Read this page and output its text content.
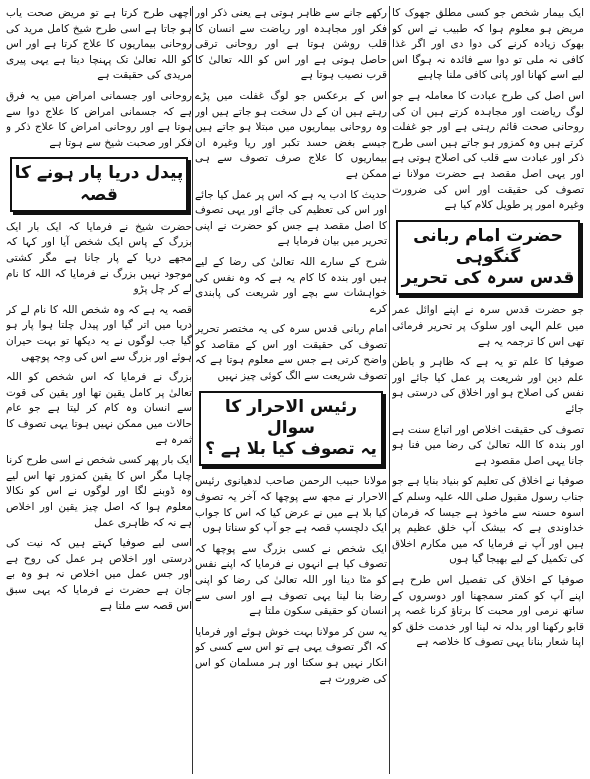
ایک بیمار شخص جو کسی مطلق جھوک کا مریض ہو معلوم ہوا کہ طبیب نے اس کو بھوک زیادہ کرنے کی دوا دی اور اگر غذا کافی نہ ملی تو دوا سے فائدہ نہ ہوگا اس لیے اسے کھانا اور پانی کافی ملنا چاہیے

اس اصل کی طرح عبادت کا معاملہ ہے جو لوگ ریاضت اور مجاہدہ کرتے ہیں ان کی روحانی صحت قائم رہتی ہے اور جو غفلت کرتے ہیں وہ کمزور ہو جاتے ہیں اسی طرح ذکر اور عبادت سے قلب کی اصلاح ہوتی ہے اور یہی اصل مقصد ہے حضرت مولانا نے تصوف کی حقیقت اور اس کی ضرورت وغیرہ امور پر طویل کلام کیا ہے

حضرت امام ربانی گنگوہی
قدس سرہ کی تحریر

جو حضرت قدس سرہ نے اپنے اوائل عمر میں علم الہی اور سلوک پر تحریر فرمائی تھی اس کا ترجمہ یہ ہے

صوفیا کا علم تو یہ ہے کہ ظاہر و باطن علم دین اور شریعت پر عمل کیا جائے اور نفس کی اصلاح ہو اور اخلاق کی درستی ہو جائے

تصوف کی حقیقت اخلاص اور اتباع سنت ہے اور بندہ کا اللہ تعالیٰ کی رضا میں فنا ہو جانا یہی اصل مقصود ہے

صوفیا نے اخلاق کی تعلیم کو بنیاد بنایا ہے جو جناب رسول مقبول صلی اللہ علیہ وسلم کے اسوہ حسنہ سے ماخوذ ہے جیسا کہ فرمان خداوندی ہے کہ بیشک آپ خلق عظیم پر ہیں اور آپ نے فرمایا کہ میں مکارم اخلاق کی تکمیل کے لیے بھیجا گیا ہوں

صوفیا کے اخلاق کی تفصیل اس طرح ہے اپنے آپ کو کمتر سمجھنا اور دوسروں کے ساتھ نرمی اور محبت کا برتاؤ کرنا غصہ پر قابو رکھنا اور بدلہ نہ لینا اور خدمت خلق کو اپنا شعار بنانا یہی تصوف کا خلاصہ ہے

رکھے جانے سے ظاہر ہوتی ہے یعنی ذکر اور فکر اور مجاہدہ اور ریاضت سے انسان کا قلب روشن ہوتا ہے اور روحانی ترقی حاصل ہوتی ہے اور اس کو اللہ تعالیٰ کا قرب نصیب ہوتا ہے

اس کے برعکس جو لوگ غفلت میں پڑے رہتے ہیں ان کے دل سخت ہو جاتے ہیں اور وہ روحانی بیماریوں میں مبتلا ہو جاتے ہیں جیسے بغض حسد تکبر اور ریا وغیرہ ان بیماریوں کا علاج صرف تصوف سے ہی ممکن ہے

حدیث کا ادب یہ ہے کہ اس پر عمل کیا جائے اور اس کی تعظیم کی جائے اور یہی تصوف کا اصل مقصد ہے جس کو حضرت نے اپنی تحریر میں بیان فرمایا ہے

شرح کے سارے اللہ تعالیٰ کی رضا کے لیے ہیں اور بندہ کا کام یہ ہے کہ وہ نفس کی خواہشات سے بچے اور شریعت کی پابندی کرے

امام ربانی قدس سرہ کی یہ مختصر تحریر تصوف کی حقیقت اور اس کے مقاصد کو واضح کرتی ہے جس سے معلوم ہوتا ہے کہ تصوف شریعت سے الگ کوئی چیز نہیں

رئیس الاحرار کا سوال
یہ تصوف کیا بلا ہے ؟

مولانا حبیب الرحمن صاحب لدھیانوی رئیس الاحرار نے مجھ سے پوچھا کہ آخر یہ تصوف کیا بلا ہے میں نے عرض کیا کہ اس کا جواب ایک دلچسپ قصہ ہے جو آپ کو سناتا ہوں

ایک شخص نے کسی بزرگ سے پوچھا کہ تصوف کیا ہے انہوں نے فرمایا کہ اپنے نفس کو مٹا دینا اور اللہ تعالیٰ کی رضا کو اپنی رضا بنا لینا یہی تصوف ہے اور اسی سے انسان کو حقیقی سکون ملتا ہے

یہ سن کر مولانا بہت خوش ہوئے اور فرمایا کہ اگر تصوف یہی ہے تو اس سے کسی کو انکار نہیں ہو سکتا اور ہر مسلمان کو اس کی ضرورت ہے

اچھی طرح کرتا ہے تو مریض صحت یاب ہو جاتا ہے اسی طرح شیخ کامل مرید کی روحانی بیماریوں کا علاج کرتا ہے اور اس کو اللہ تعالیٰ تک پہنچا دیتا ہے یہی پیری مریدی کی حقیقت ہے

روحانی اور جسمانی امراض میں یہ فرق ہے کہ جسمانی امراض کا علاج دوا سے ہوتا ہے اور روحانی امراض کا علاج ذکر و فکر اور صحبت شیخ سے ہوتا ہے

پیدل دریا پار ہونے کا قصہ

حضرت شیخ نے فرمایا کہ ایک بار ایک بزرگ کے پاس ایک شخص آیا اور کہا کہ مجھے دریا کے پار جانا ہے مگر کشتی موجود نہیں بزرگ نے فرمایا کہ اللہ کا نام لے کر چل پڑو

قصہ یہ ہے کہ وہ شخص اللہ کا نام لے کر دریا میں اتر گیا اور پیدل چلتا ہوا پار ہو گیا جب لوگوں نے یہ دیکھا تو بہت حیران ہوئے اور بزرگ سے اس کی وجہ پوچھی

بزرگ نے فرمایا کہ اس شخص کو اللہ تعالیٰ پر کامل یقین تھا اور یقین کی قوت سے انسان وہ کام کر لیتا ہے جو عام حالات میں ممکن نہیں ہوتا یہی تصوف کا ثمرہ ہے

ایک بار پھر کسی شخص نے اسی طرح کرنا چاہا مگر اس کا یقین کمزور تھا اس لیے وہ ڈوبنے لگا اور لوگوں نے اس کو نکالا معلوم ہوا کہ اصل چیز یقین اور اخلاص ہے نہ کہ ظاہری عمل

اسی لیے صوفیا کہتے ہیں کہ نیت کی درستی اور اخلاص ہر عمل کی روح ہے اور جس عمل میں اخلاص نہ ہو وہ بے جان ہے حضرت نے فرمایا کہ یہی سبق اس قصہ سے ملتا ہے
